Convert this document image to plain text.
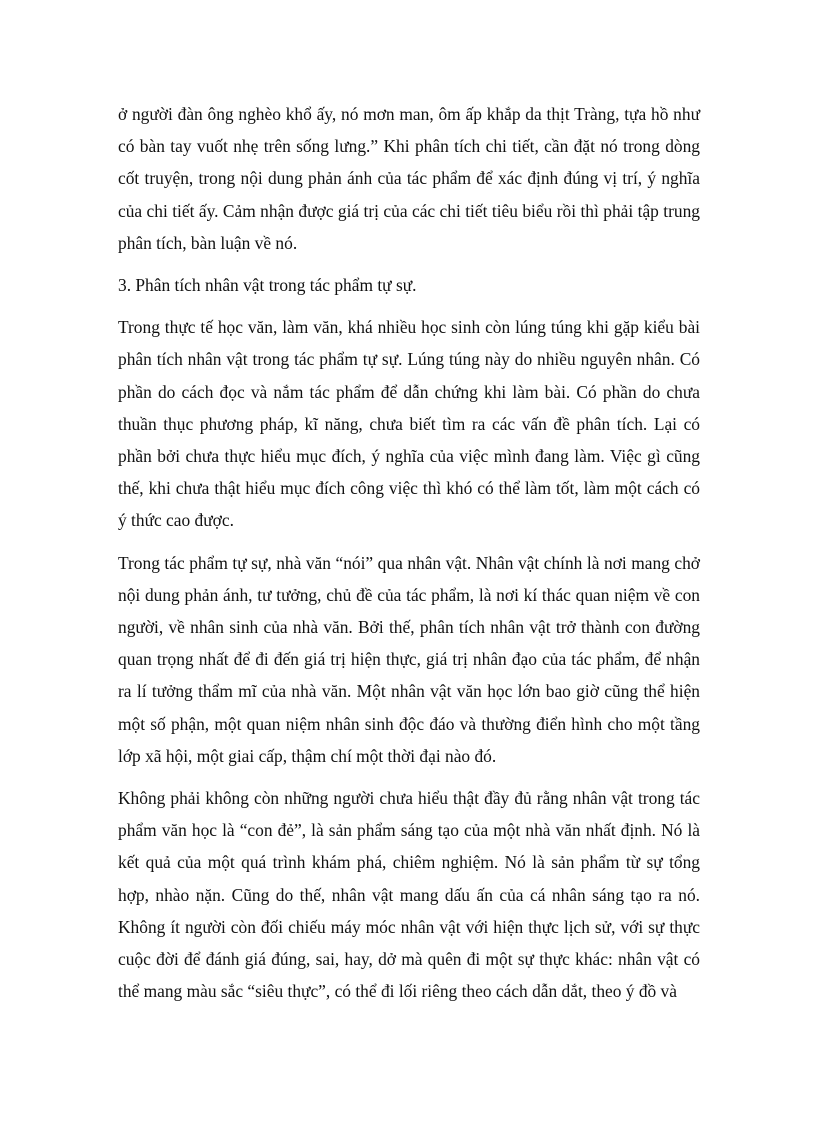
ở người đàn ông nghèo khổ ấy, nó mơn man, ôm ấp khắp da thịt Tràng, tựa hồ như có bàn tay vuốt nhẹ trên sống lưng.” Khi phân tích chi tiết, cần đặt nó trong dòng cốt truyện, trong nội dung phản ánh của tác phẩm để xác định đúng vị trí, ý nghĩa của chi tiết ấy. Cảm nhận được giá trị của các chi tiết tiêu biểu rồi thì phải tập trung phân tích, bàn luận về nó.

3. Phân tích nhân vật trong tác phẩm tự sự.

Trong thực tế học văn, làm văn, khá nhiều học sinh còn lúng túng khi gặp kiểu bài phân tích nhân vật trong tác phẩm tự sự. Lúng túng này do nhiều nguyên nhân. Có phần do cách đọc và nắm tác phẩm để dẫn chứng khi làm bài. Có phần do chưa thuần thục phương pháp, kĩ năng, chưa biết tìm ra các vấn đề phân tích. Lại có phần bởi chưa thực hiểu mục đích, ý nghĩa của việc mình đang làm. Việc gì cũng thế, khi chưa thật hiểu mục đích công việc thì khó có thể làm tốt, làm một cách có ý thức cao được.

Trong tác phẩm tự sự, nhà văn “nói” qua nhân vật. Nhân vật chính là nơi mang chở nội dung phản ánh, tư tưởng, chủ đề của tác phẩm, là nơi kí thác quan niệm về con người, về nhân sinh của nhà văn. Bởi thế, phân tích nhân vật trở thành con đường quan trọng nhất để đi đến giá trị hiện thực, giá trị nhân đạo của tác phẩm, để nhận ra lí tưởng thẩm mĩ của nhà văn. Một nhân vật văn học lớn bao giờ cũng thể hiện một số phận, một quan niệm nhân sinh độc đáo và thường điển hình cho một tầng lớp xã hội, một giai cấp, thậm chí một thời đại nào đó.

Không phải không còn những người chưa hiểu thật đầy đủ rằng nhân vật trong tác phẩm văn học là “con đẻ”, là sản phẩm sáng tạo của một nhà văn nhất định. Nó là kết quả của một quá trình khám phá, chiêm nghiệm. Nó là sản phẩm từ sự tổng hợp, nhào nặn. Cũng do thế, nhân vật mang dấu ấn của cá nhân sáng tạo ra nó. Không ít người còn đối chiếu máy móc nhân vật với hiện thực lịch sử, với sự thực cuộc đời để đánh giá đúng, sai, hay, dở mà quên đi một sự thực khác: nhân vật có thể mang màu sắc “siêu thực”, có thể đi lối riêng theo cách dẫn dắt, theo ý đồ và
